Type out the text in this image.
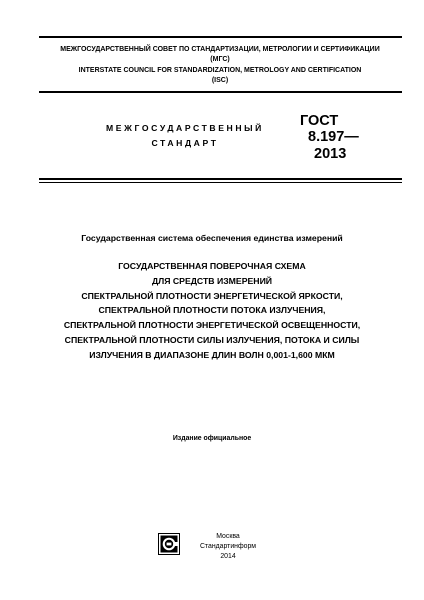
МЕЖГОСУДАРСТВЕННЫЙ СОВЕТ ПО СТАНДАРТИЗАЦИИ, МЕТРОЛОГИИ И СЕРТИФИКАЦИИ
(МГС)
INTERSTATE COUNCIL FOR STANDARDIZATION, METROLOGY AND CERTIFICATION
(ISC)
МЕЖГОСУДАРСТВЕННЫЙ
СТАНДАРТ
ГОСТ
8.197—
2013
Государственная система обеспечения единства измерений
ГОСУДАРСТВЕННАЯ ПОВЕРОЧНАЯ СХЕМА
ДЛЯ СРЕДСТВ ИЗМЕРЕНИЙ
СПЕКТРАЛЬНОЙ ПЛОТНОСТИ ЭНЕРГЕТИЧЕСКОЙ ЯРКОСТИ,
СПЕКТРАЛЬНОЙ ПЛОТНОСТИ ПОТОКА ИЗЛУЧЕНИЯ,
СПЕКТРАЛЬНОЙ ПЛОТНОСТИ ЭНЕРГЕТИЧЕСКОЙ ОСВЕЩЕННОСТИ,
СПЕКТРАЛЬНОЙ ПЛОТНОСТИ СИЛЫ ИЗЛУЧЕНИЯ, ПОТОКА И СИЛЫ
ИЗЛУЧЕНИЯ В ДИАПАЗОНЕ ДЛИН ВОЛН 0,001-1,600 МКМ
Издание официальное
Москва
Стандартинформ
2014
